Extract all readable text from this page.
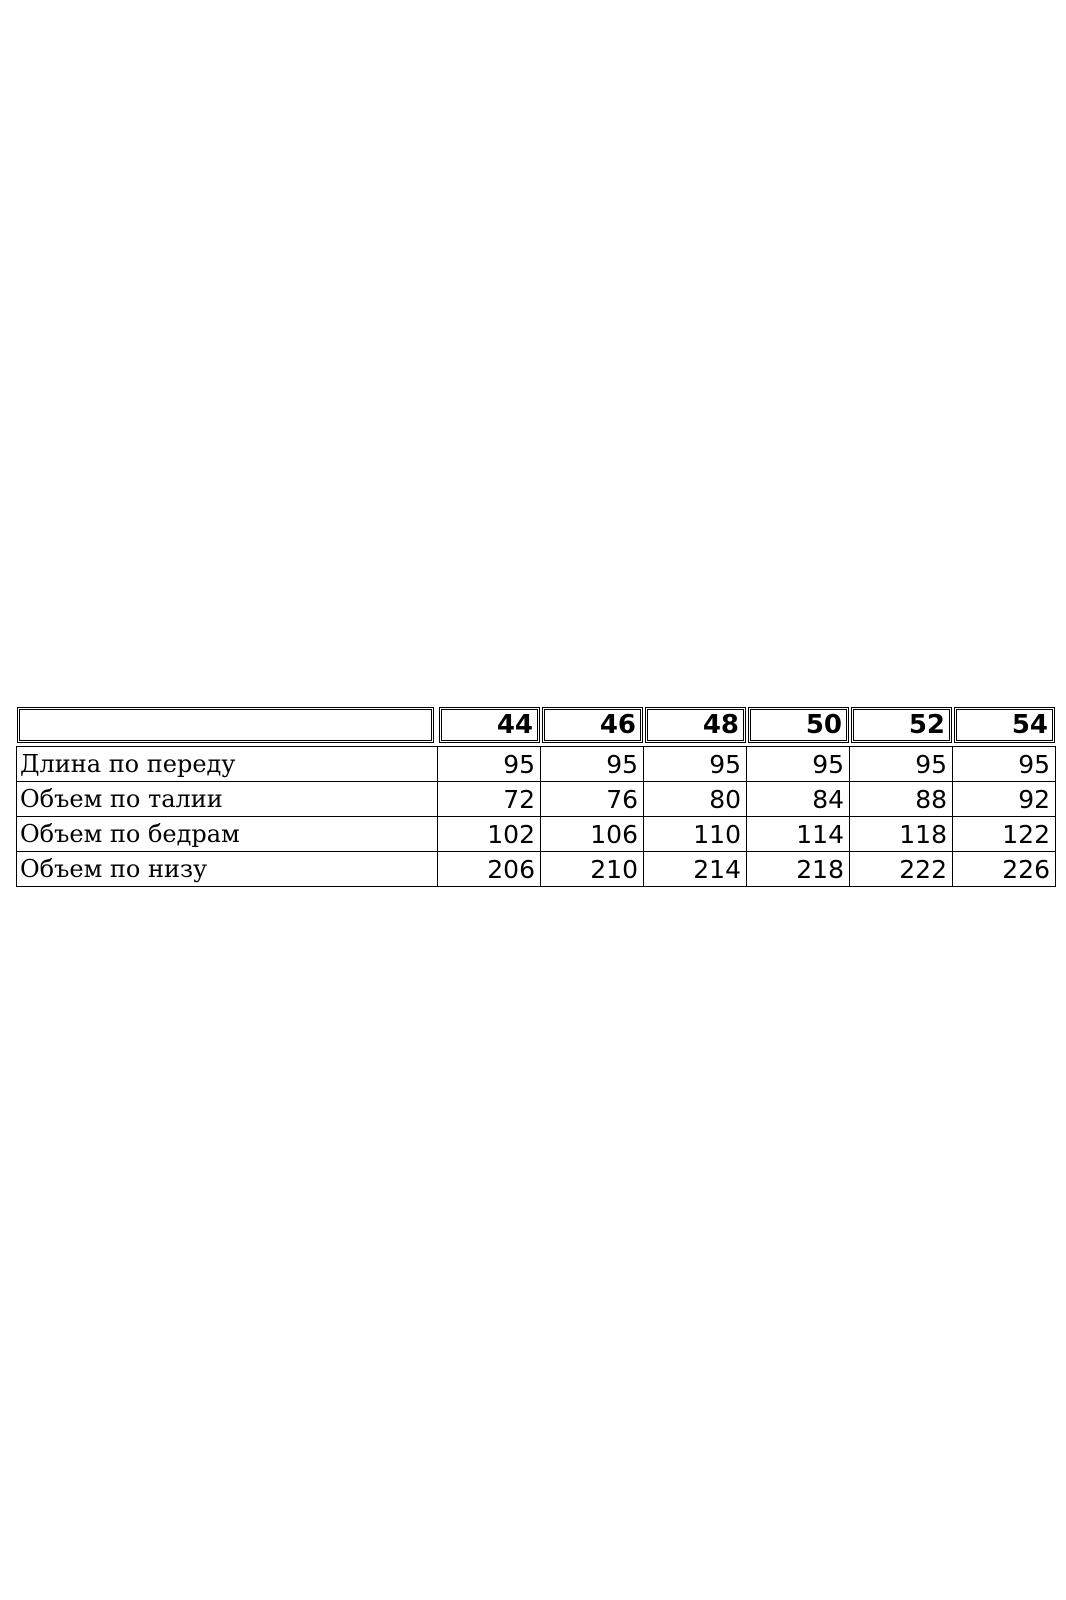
	44	46	48	50	52	54

Длина по переду	95	95	95	95	95	95
Объем по талии	72	76	80	84	88	92
Объем по бедрам	102	106	110	114	118	122
Объем по низу	206	210	214	218	222	226
